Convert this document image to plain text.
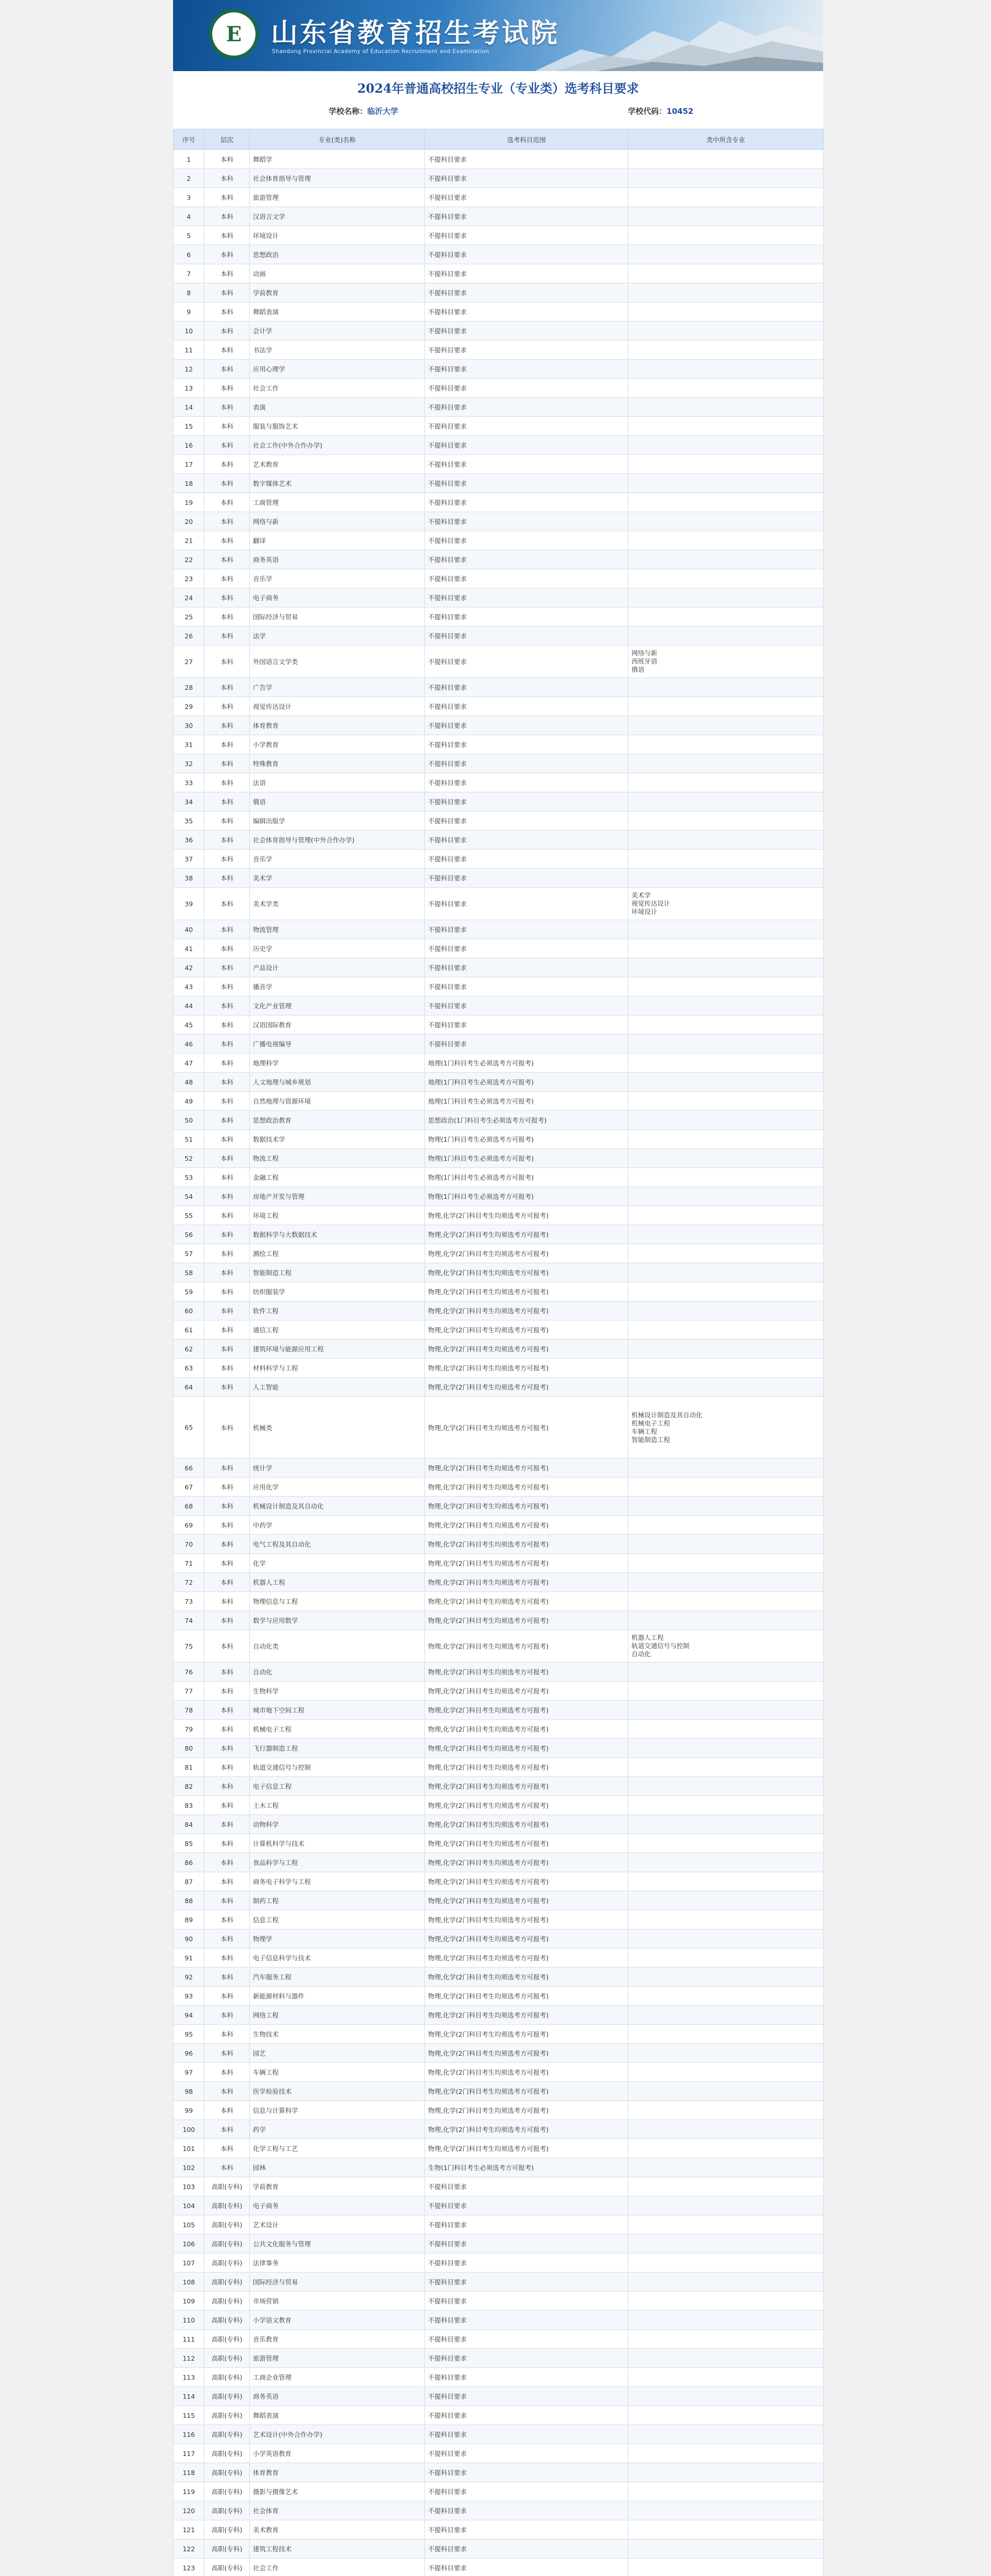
E 山东省教育招生考试院
Shandong Provincial Academy of Education Recruitment and Examination
2024年普通高校招生专业（专业类）选考科目要求
学校名称：临沂大学	学校代码：10452
序号	层次	专业(类)名称	选考科目范围	类中所含专业
1	本科	舞蹈学	不提科目要求	
2	本科	社会体育指导与管理	不提科目要求	
3	本科	旅游管理	不提科目要求	
4	本科	汉语言文学	不提科目要求	
5	本科	环境设计	不提科目要求	
6	本科	思想政治	不提科目要求	
7	本科	动画	不提科目要求	
8	本科	学前教育	不提科目要求	
9	本科	舞蹈表演	不提科目要求	
10	本科	会计学	不提科目要求	
11	本科	书法学	不提科目要求	
12	本科	应用心理学	不提科目要求	
13	本科	社会工作	不提科目要求	
14	本科	表演	不提科目要求	
15	本科	服装与服饰艺术	不提科目要求	
16	本科	社会工作(中外合作办学)	不提科目要求	
17	本科	艺术教育	不提科目要求	
18	本科	数字媒体艺术	不提科目要求	
19	本科	工商管理	不提科目要求	
20	本科	网络与新	不提科目要求	
21	本科	翻译	不提科目要求	
22	本科	商务英语	不提科目要求	
23	本科	音乐学	不提科目要求	
24	本科	电子商务	不提科目要求	
25	本科	国际经济与贸易	不提科目要求	
26	本科	法学	不提科目要求	
27	本科	外国语言文学类	不提科目要求	网络与新
西班牙语
俄语

28	本科	广告学	不提科目要求	
29	本科	视觉传达设计	不提科目要求	
30	本科	体育教育	不提科目要求	
31	本科	小学教育	不提科目要求	
32	本科	特殊教育	不提科目要求	
33	本科	法语	不提科目要求	
34	本科	俄语	不提科目要求	
35	本科	编辑出版学	不提科目要求	
36	本科	社会体育指导与管理(中外合作办学)	不提科目要求	
37	本科	音乐学	不提科目要求	
38	本科	美术学	不提科目要求	
39	本科	美术学类	不提科目要求	美术学
视觉传达设计
环境设计

40	本科	物流管理	不提科目要求	
41	本科	历史学	不提科目要求	
42	本科	产品设计	不提科目要求	
43	本科	播音学	不提科目要求	
44	本科	文化产业管理	不提科目要求	
45	本科	汉语国际教育	不提科目要求	
46	本科	广播电视编导	不提科目要求	
47	本科	地理科学	地理(1门科目考生必须选考方可报考)	
48	本科	人文地理与城乡规划	地理(1门科目考生必须选考方可报考)	
49	本科	自然地理与资源环境	地理(1门科目考生必须选考方可报考)	
50	本科	思想政治教育	思想政治(1门科目考生必须选考方可报考)	
51	本科	数据技术学	物理(1门科目考生必须选考方可报考)	
52	本科	物流工程	物理(1门科目考生必须选考方可报考)	
53	本科	金融工程	物理(1门科目考生必须选考方可报考)	
54	本科	房地产开发与管理	物理(1门科目考生必须选考方可报考)	
55	本科	环境工程	物理,化学(2门科目考生均须选考方可报考)	
56	本科	数据科学与大数据技术	物理,化学(2门科目考生均须选考方可报考)	
57	本科	测绘工程	物理,化学(2门科目考生均须选考方可报考)	
58	本科	智能制造工程	物理,化学(2门科目考生均须选考方可报考)	
59	本科	纺织服装学	物理,化学(2门科目考生均须选考方可报考)	
60	本科	软件工程	物理,化学(2门科目考生均须选考方可报考)	
61	本科	通信工程	物理,化学(2门科目考生均须选考方可报考)	
62	本科	建筑环境与能源应用工程	物理,化学(2门科目考生均须选考方可报考)	
63	本科	材料科学与工程	物理,化学(2门科目考生均须选考方可报考)	
64	本科	人工智能	物理,化学(2门科目考生均须选考方可报考)	
65	本科	机械类	物理,化学(2门科目考生均须选考方可报考)	机械设计制造及其自动化
机械电子工程
车辆工程
智能制造工程

66	本科	统计学	物理,化学(2门科目考生均须选考方可报考)	
67	本科	应用化学	物理,化学(2门科目考生均须选考方可报考)	
68	本科	机械设计制造及其自动化	物理,化学(2门科目考生均须选考方可报考)	
69	本科	中药学	物理,化学(2门科目考生均须选考方可报考)	
70	本科	电气工程及其自动化	物理,化学(2门科目考生均须选考方可报考)	
71	本科	化学	物理,化学(2门科目考生均须选考方可报考)	
72	本科	机器人工程	物理,化学(2门科目考生均须选考方可报考)	
73	本科	物理信息与工程	物理,化学(2门科目考生均须选考方可报考)	
74	本科	数学与应用数学	物理,化学(2门科目考生均须选考方可报考)	
75	本科	自动化类	物理,化学(2门科目考生均须选考方可报考)	机器人工程
轨道交通信号与控制
自动化

76	本科	自动化	物理,化学(2门科目考生均须选考方可报考)	
77	本科	生物科学	物理,化学(2门科目考生均须选考方可报考)	
78	本科	城市地下空间工程	物理,化学(2门科目考生均须选考方可报考)	
79	本科	机械电子工程	物理,化学(2门科目考生均须选考方可报考)	
80	本科	飞行器制造工程	物理,化学(2门科目考生均须选考方可报考)	
81	本科	轨道交通信号与控制	物理,化学(2门科目考生均须选考方可报考)	
82	本科	电子信息工程	物理,化学(2门科目考生均须选考方可报考)	
83	本科	土木工程	物理,化学(2门科目考生均须选考方可报考)	
84	本科	动物科学	物理,化学(2门科目考生均须选考方可报考)	
85	本科	计算机科学与技术	物理,化学(2门科目考生均须选考方可报考)	
86	本科	食品科学与工程	物理,化学(2门科目考生均须选考方可报考)	
87	本科	商务电子科学与工程	物理,化学(2门科目考生均须选考方可报考)	
88	本科	制药工程	物理,化学(2门科目考生均须选考方可报考)	
89	本科	信息工程	物理,化学(2门科目考生均须选考方可报考)	
90	本科	物理学	物理,化学(2门科目考生均须选考方可报考)	
91	本科	电子信息科学与技术	物理,化学(2门科目考生均须选考方可报考)	
92	本科	汽车服务工程	物理,化学(2门科目考生均须选考方可报考)	
93	本科	新能源材料与器件	物理,化学(2门科目考生均须选考方可报考)	
94	本科	网络工程	物理,化学(2门科目考生均须选考方可报考)	
95	本科	生物技术	物理,化学(2门科目考生均须选考方可报考)	
96	本科	园艺	物理,化学(2门科目考生均须选考方可报考)	
97	本科	车辆工程	物理,化学(2门科目考生均须选考方可报考)	
98	本科	医学检验技术	物理,化学(2门科目考生均须选考方可报考)	
99	本科	信息与计算科学	物理,化学(2门科目考生均须选考方可报考)	
100	本科	药学	物理,化学(2门科目考生均须选考方可报考)	
101	本科	化学工程与工艺	物理,化学(2门科目考生均须选考方可报考)	
102	本科	园林	生物(1门科目考生必须选考方可报考)	
103	高职(专科)	学前教育	不提科目要求	
104	高职(专科)	电子商务	不提科目要求	
105	高职(专科)	艺术设计	不提科目要求	
106	高职(专科)	公共文化服务与管理	不提科目要求	
107	高职(专科)	法律事务	不提科目要求	
108	高职(专科)	国际经济与贸易	不提科目要求	
109	高职(专科)	市场营销	不提科目要求	
110	高职(专科)	小学语文教育	不提科目要求	
111	高职(专科)	音乐教育	不提科目要求	
112	高职(专科)	旅游管理	不提科目要求	
113	高职(专科)	工商企业管理	不提科目要求	
114	高职(专科)	商务英语	不提科目要求	
115	高职(专科)	舞蹈表演	不提科目要求	
116	高职(专科)	艺术设计(中外合作办学)	不提科目要求	
117	高职(专科)	小学英语教育	不提科目要求	
118	高职(专科)	体育教育	不提科目要求	
119	高职(专科)	摄影与摄像艺术	不提科目要求	
120	高职(专科)	社会体育	不提科目要求	
121	高职(专科)	美术教育	不提科目要求	
122	高职(专科)	建筑工程技术	不提科目要求	
123	高职(专科)	社会工作	不提科目要求	
